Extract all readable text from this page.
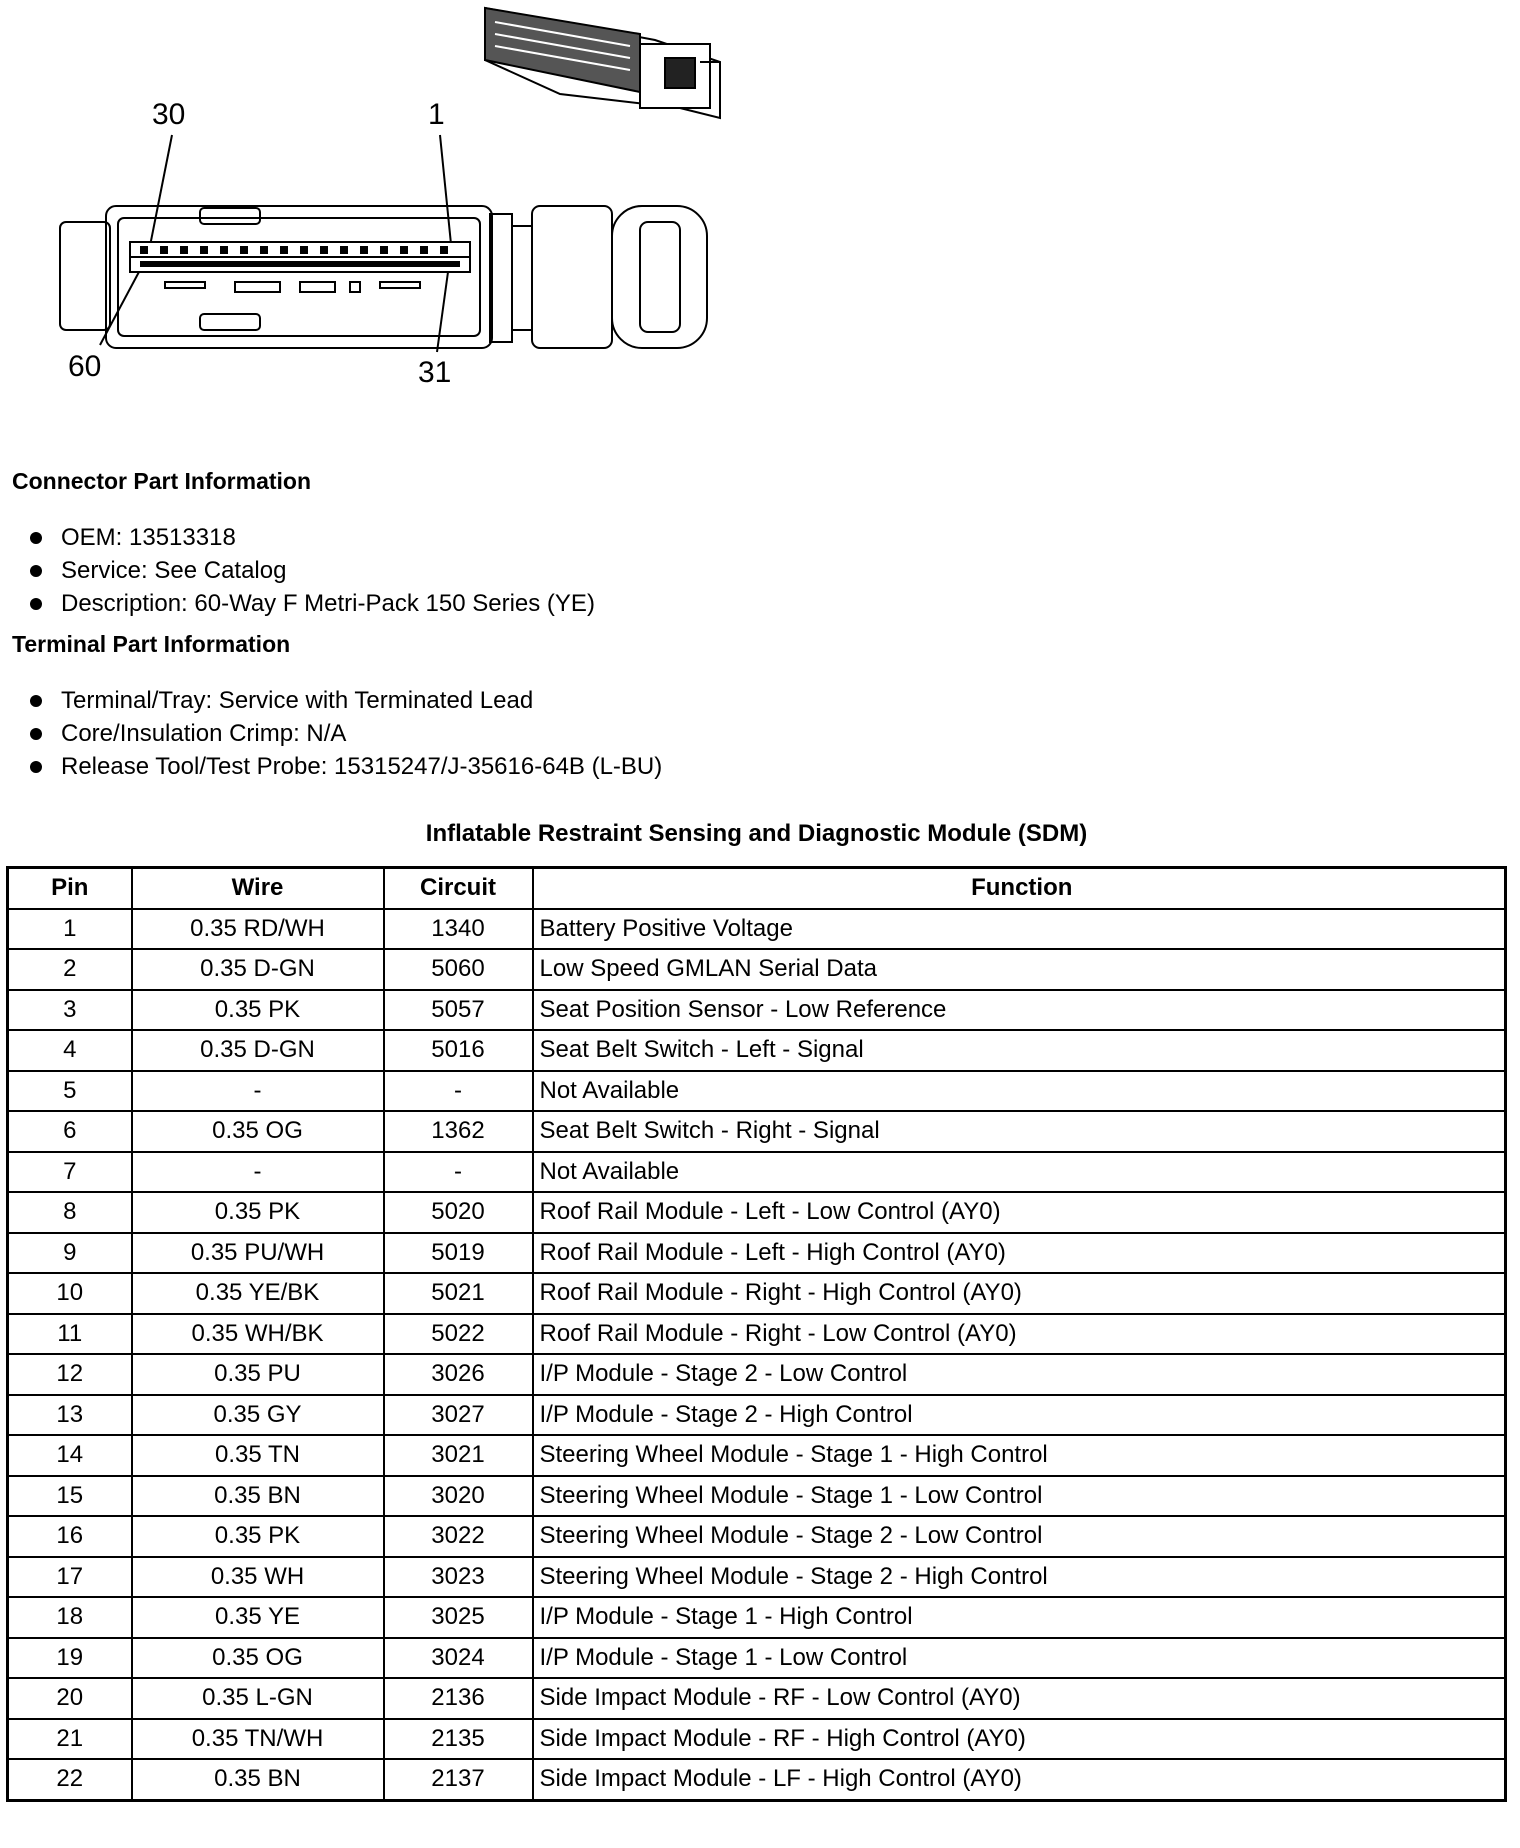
30	1
60	31
Connector Part Information
OEM: 13513318
Service: See Catalog
Description: 60-Way F Metri-Pack 150 Series (YE)
Terminal Part Information
Terminal/Tray: Service with Terminated Lead
Core/Insulation Crimp: N/A
Release Tool/Test Probe: 15315247/J-35616-64B (L-BU)
Inflatable Restraint Sensing and Diagnostic Module (SDM)
Pin	Wire	Circuit	Function
1	0.35 RD/WH	1340	Battery Positive Voltage
2	0.35 D-GN	5060	Low Speed GMLAN Serial Data
3	0.35 PK	5057	Seat Position Sensor - Low Reference
4	0.35 D-GN	5016	Seat Belt Switch - Left - Signal
5	-	-	Not Available
6	0.35 OG	1362	Seat Belt Switch - Right - Signal
7	-	-	Not Available
8	0.35 PK	5020	Roof Rail Module - Left - Low Control (AY0)
9	0.35 PU/WH	5019	Roof Rail Module - Left - High Control (AY0)
10	0.35 YE/BK	5021	Roof Rail Module - Right - High Control (AY0)
11	0.35 WH/BK	5022	Roof Rail Module - Right - Low Control (AY0)
12	0.35 PU	3026	I/P Module - Stage 2 - Low Control
13	0.35 GY	3027	I/P Module - Stage 2 - High Control
14	0.35 TN	3021	Steering Wheel Module - Stage 1 - High Control
15	0.35 BN	3020	Steering Wheel Module - Stage 1 - Low Control
16	0.35 PK	3022	Steering Wheel Module - Stage 2 - Low Control
17	0.35 WH	3023	Steering Wheel Module - Stage 2 - High Control
18	0.35 YE	3025	I/P Module - Stage 1 - High Control
19	0.35 OG	3024	I/P Module - Stage 1 - Low Control
20	0.35 L-GN	2136	Side Impact Module - RF - Low Control (AY0)
21	0.35 TN/WH	2135	Side Impact Module - RF - High Control (AY0)
22	0.35 BN	2137	Side Impact Module - LF - High Control (AY0)
